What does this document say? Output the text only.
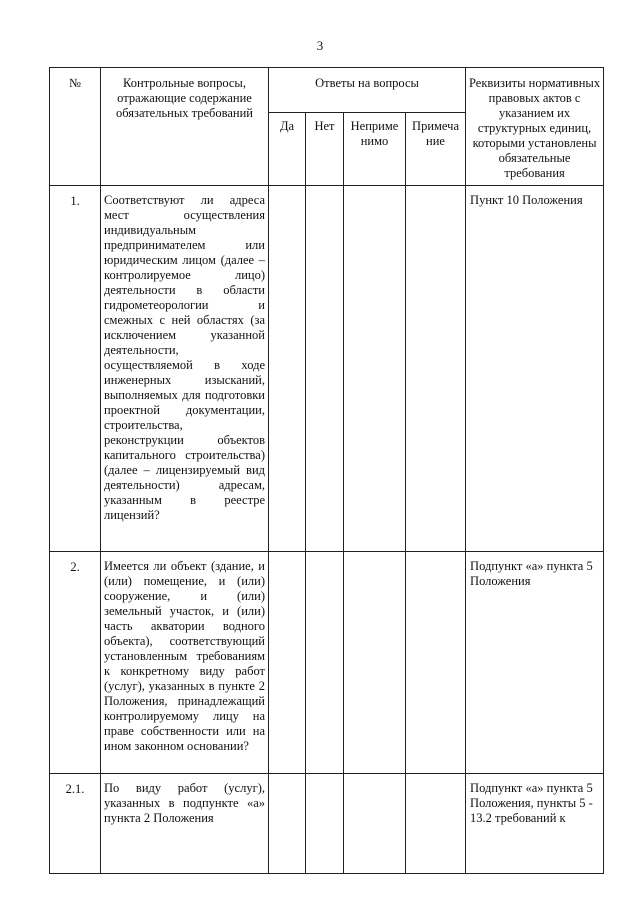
3
№	Контрольные вопросы, отражающие содержание обязательных требований	Ответы на вопросы				Реквизиты нормативных правовых актов с указанием их структурных единиц, которыми установлены обязательные требования
		Да	Нет	Неприме нимо	Примеча ние	
1.	Соответствуют ли адреса мест осуществления индивидуальным предпринимателем или юридическим лицом (далее – контролируемое лицо) деятельности в области гидрометеорологии и смежных с ней областях (за исключением указанной деятельности, осуществляемой в ходе инженерных изысканий, выполняемых для подготовки проектной документации, строительства, реконструкции объектов капитального строительства) (далее – лицензируемый вид деятельности) адресам, указанным в реестре лицензий?					Пункт 10 Положения
2.	Имеется ли объект (здание, и (или) помещение, и (или) сооружение, и (или) земельный участок, и (или) часть акватории водного объекта), соответствующий установленным требованиям к конкретному виду работ (услуг), указанных в пункте 2 Положения, принадлежащий контролируемому лицу на праве собственности или на ином законном основании?					Подпункт «а» пункта 5 Положения
2.1.	По виду работ (услуг), указанных в подпункте «а» пункта 2 Положения					Подпункт «а» пункта 5 Положения, пункты 5 - 13.2 требований к
